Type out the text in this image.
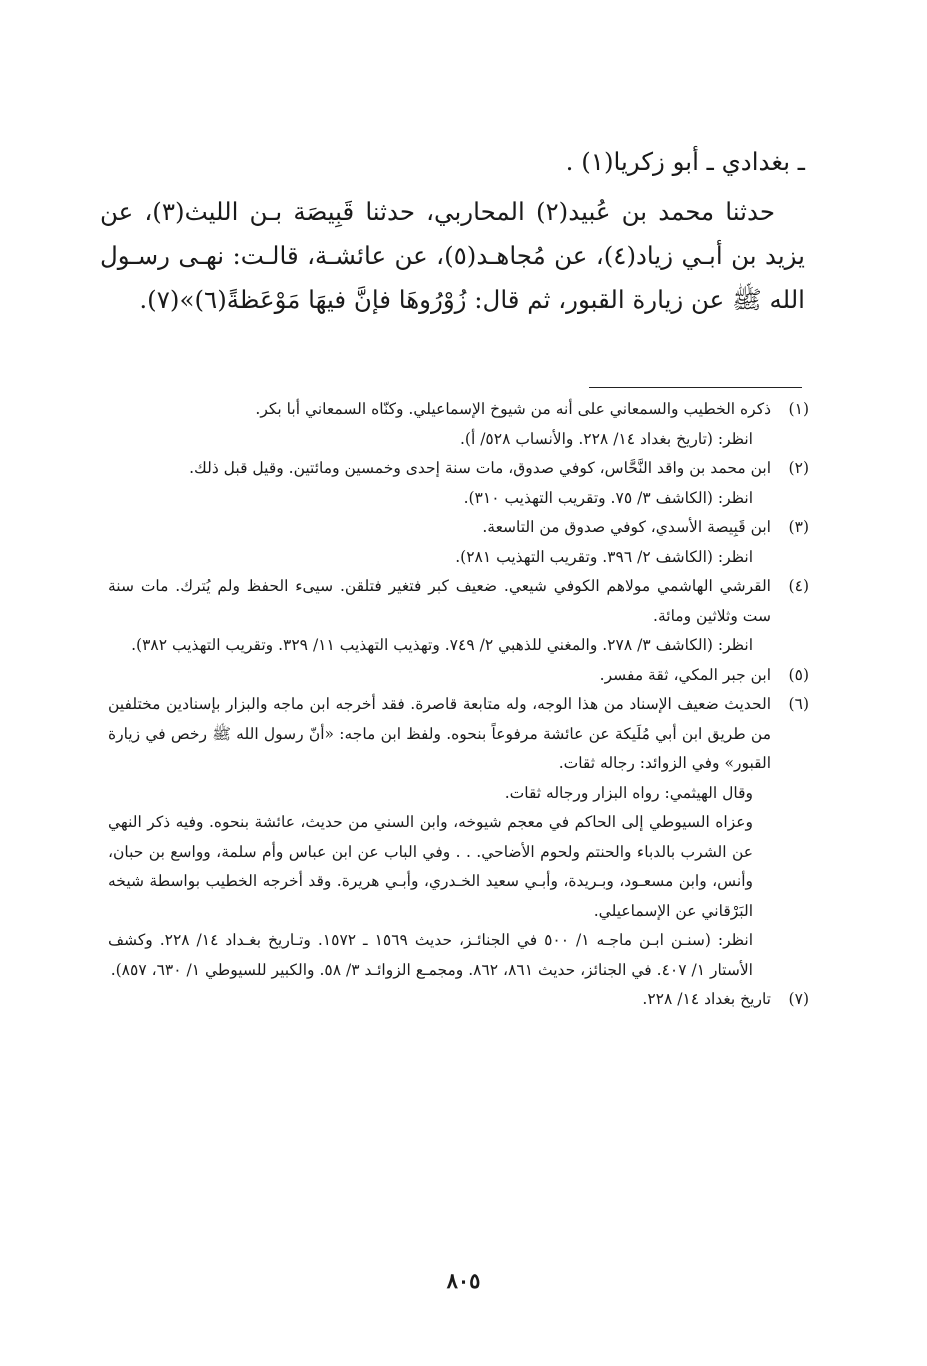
ـ بغدادي ـ أبو زكريا(١) .

حدثنا محمد بن عُبيد(٢) المحاربي، حدثنا قَبِيصَة بـن الليث(٣)، عن يزيد بن أبـي زياد(٤)، عن مُجاهـد(٥)، عن عائشـة، قالـت: نهـى رسـول الله ﷺ عن زيارة القبور، ثم قال: زُوْرُوهَا فإنَّ فيهَا مَوْعَظةً(٦)»(٧).

(١)

ذكره الخطيب والسمعاني على أنه من شيوخ الإسماعيلي. وكنّاه السمعاني أبا بكر.

انظر: (تاريخ بغداد ١٤/ ٢٢٨. والأنساب ٥٢٨/ أ).

(٢)

ابن محمد بن واقد النَّحَّاس، كوفي صدوق، مات سنة إحدى وخمسين ومائتين. وقيل قبل ذلك.

انظر: (الكاشف ٣/ ٧٥. وتقريب التهذيب ٣١٠).

(٣)

ابن قَبِيصة الأسدي، كوفي صدوق من التاسعة.

انظر: (الكاشف ٢/ ٣٩٦. وتقريب التهذيب ٢٨١).

(٤)

القرشي الهاشمي مولاهم الكوفي شيعي. ضعيف كبر فتغير فتلقن. سيىء الحفظ ولم يُترك. مات سنة ست وثلاثين ومائة.

انظر: (الكاشف ٣/ ٢٧٨. والمغني للذهبي ٢/ ٧٤٩. وتهذيب التهذيب ١١/ ٣٢٩. وتقريب التهذيب ٣٨٢).

(٥)

ابن جبر المكي، ثقة مفسر.

(٦)

الحديث ضعيف الإسناد من هذا الوجه، وله متابعة قاصرة. فقد أخرجه ابن ماجه والبزار بإسنادين مختلفين من طريق ابن أبي مُلَيكة عن عائشة مرفوعاً بنحوه. ولفظ ابن ماجه: «أنّ رسول الله ﷺ رخص في زيارة القبور» وفي الزوائد: رجاله ثقات.

وقال الهيثمي: رواه البزار ورجاله ثقات.

وعزاه السيوطي إلى الحاكم في معجم شيوخه، وابن السني من حديث، عائشة بنحوه. وفيه ذكر النهي عن الشرب بالدباء والحنتم ولحوم الأضاحي. . . وفي الباب عن ابن عباس وأم سلمة، وواسع بن حبان، وأنس، وابن مسعـود، وبـريدة، وأبـي سعيد الخـدري، وأبـي هريرة. وقد أخرجه الخطيب بواسطة شيخه البَرْقاني عن الإسماعيلي.

انظر: (سنـن ابـن ماجـه ١/ ٥٠٠ في الجنائـز، حديث ١٥٦٩ ـ ١٥٧٢. وتـاريخ بغـداد ١٤/ ٢٢٨. وكشف الأستار ١/ ٤٠٧. في الجنائز، حديث ٨٦١، ٨٦٢. ومجمـع الزوائـد ٣/ ٥٨. والكبير للسيوطي ١/ ٦٣٠، ٨٥٧).

(٧)

تاريخ بغداد ١٤/ ٢٢٨.

٨٠٥
